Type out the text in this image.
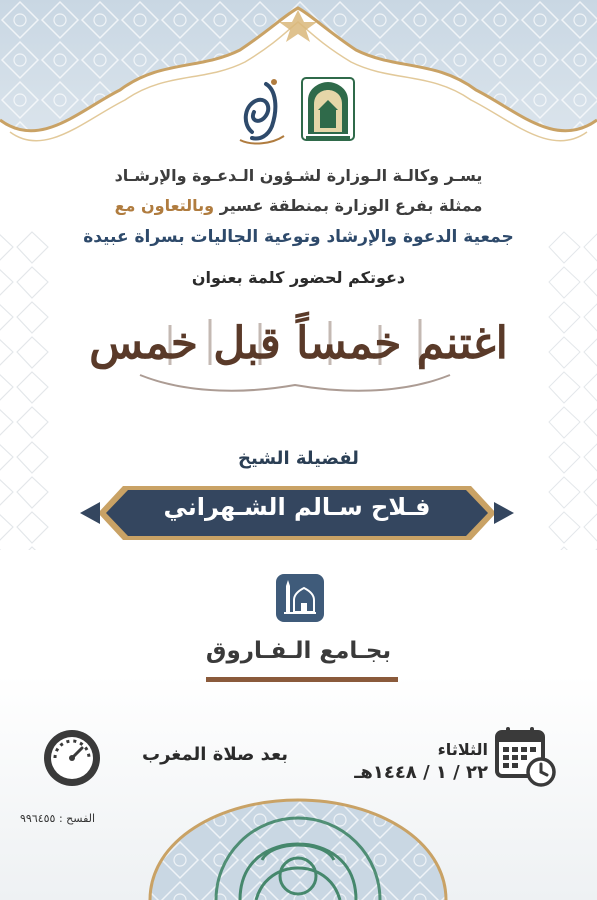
يسـر وكالـة الـوزارة لشـؤون الـدعـوة والإرشـاد
ممثلة بفرع الوزارة بمنطقة عسير وبالتعاون مع
جمعية الدعوة والإرشاد وتوعية الجاليات بسراة عبيدة
دعوتكم لحضور كلمة بعنوان
اغتنم خمساً قبل خمس
لفضيلة الشيخ
فـلاح سـالم الشـهراني
بجـامع الـفـاروق
بعد صلاة المغرب	الثلاثاء
٢٢ / ١ / ١٤٤٨هـ
الفسح : ٩٩٦٤٥٥
